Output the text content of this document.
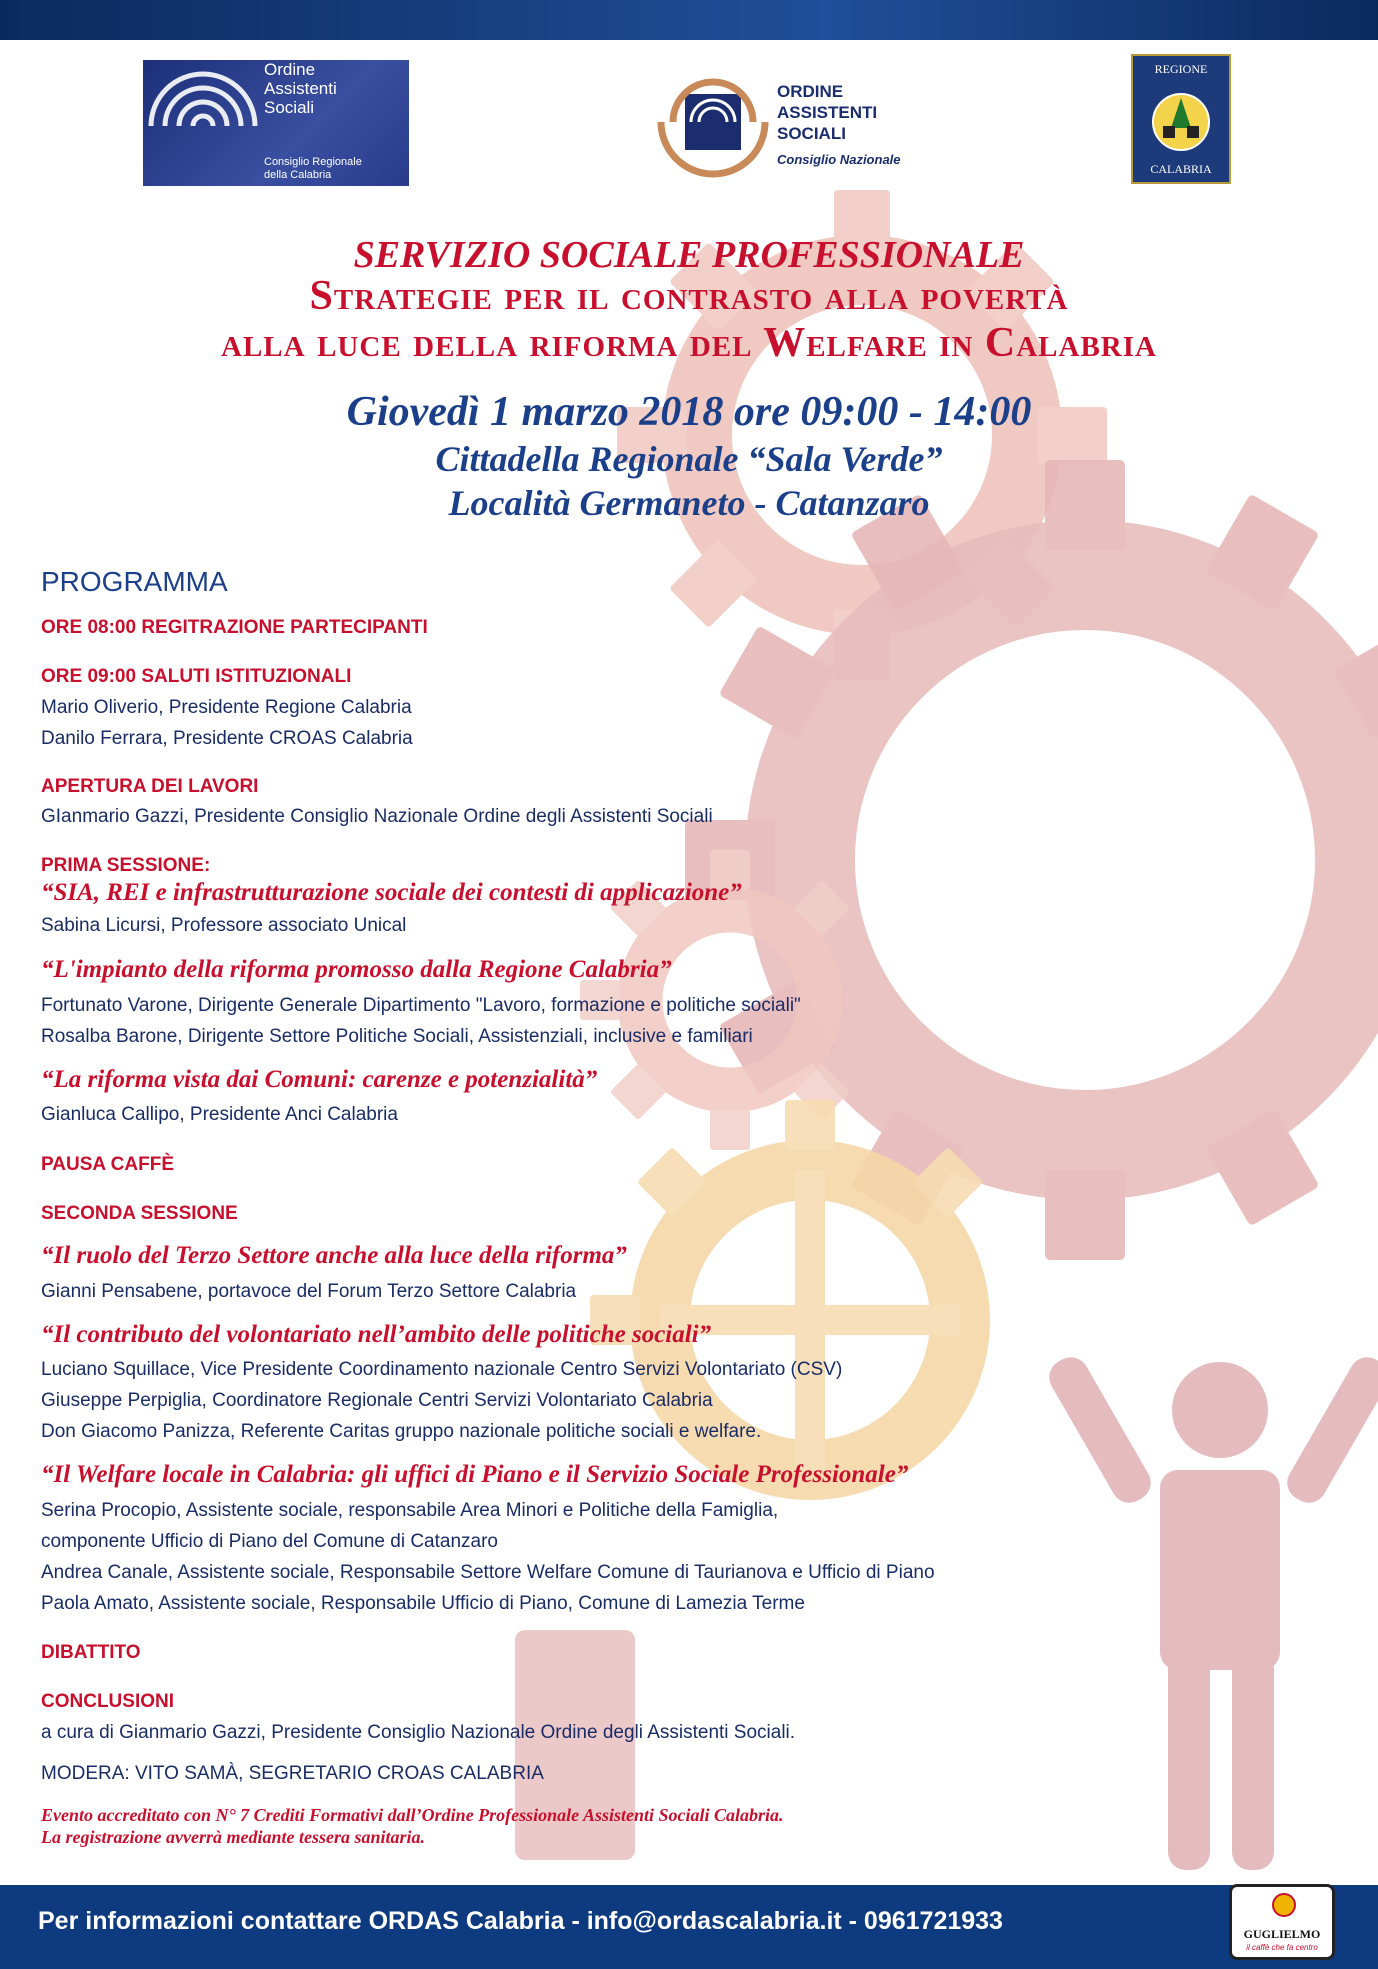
Ordine
Assistenti
Sociali
Consiglio Regionale
della Calabria
ORDINE
ASSISTENTI
SOCIALI
Consiglio Nazionale
REGIONE
CALABRIA
SERVIZIO SOCIALE PROFESSIONALE
Strategie per il contrasto alla povertà
alla luce della riforma del Welfare in Calabria
Giovedì 1 marzo 2018 ore 09:00 - 14:00
Cittadella Regionale “Sala Verde”
Località Germaneto - Catanzaro
PROGRAMMA
ORE 08:00 REGITRAZIONE PARTECIPANTI
ORE 09:00 SALUTI ISTITUZIONALI
Mario Oliverio, Presidente Regione Calabria
Danilo Ferrara, Presidente CROAS Calabria
APERTURA DEI LAVORI
GIanmario Gazzi, Presidente Consiglio Nazionale Ordine degli Assistenti Sociali
PRIMA SESSIONE:
“SIA, REI e infrastrutturazione sociale dei contesti di applicazione”
Sabina Licursi, Professore associato Unical
“L'impianto della riforma promosso dalla Regione Calabria”
Fortunato Varone, Dirigente Generale Dipartimento "Lavoro, formazione e politiche sociali"
Rosalba Barone, Dirigente Settore Politiche Sociali, Assistenziali, inclusive e familiari
“La riforma vista dai Comuni: carenze e potenzialità”
Gianluca Callipo, Presidente Anci Calabria
PAUSA CAFFÈ
SECONDA SESSIONE
“Il ruolo del Terzo Settore anche alla luce della riforma”
Gianni Pensabene, portavoce del Forum Terzo Settore Calabria
“Il contributo del volontariato nell’ambito delle politiche sociali”
Luciano Squillace, Vice Presidente Coordinamento nazionale Centro Servizi Volontariato (CSV)
Giuseppe Perpiglia, Coordinatore Regionale Centri Servizi Volontariato Calabria
Don Giacomo Panizza, Referente Caritas gruppo nazionale politiche sociali e welfare.
“Il Welfare locale in Calabria: gli uffici di Piano e il Servizio Sociale Professionale”
Serina Procopio, Assistente sociale, responsabile Area Minori e Politiche della Famiglia,
componente Ufficio di Piano del Comune di Catanzaro
Andrea Canale, Assistente sociale, Responsabile Settore Welfare Comune di Taurianova e Ufficio di Piano
Paola Amato, Assistente sociale, Responsabile Ufficio di Piano, Comune di Lamezia Terme
DIBATTITO
CONCLUSIONI
a cura di Gianmario Gazzi, Presidente Consiglio Nazionale Ordine degli Assistenti Sociali.
MODERA: VITO SAMÀ, SEGRETARIO CROAS CALABRIA
Evento accreditato con N° 7 Crediti Formativi dall’Ordine Professionale Assistenti Sociali Calabria.
La registrazione avverrà mediante tessera sanitaria.
Per informazioni contattare ORDAS Calabria - info@ordascalabria.it - 0961721933	GUGLIELMO
il caffè che fa centro
